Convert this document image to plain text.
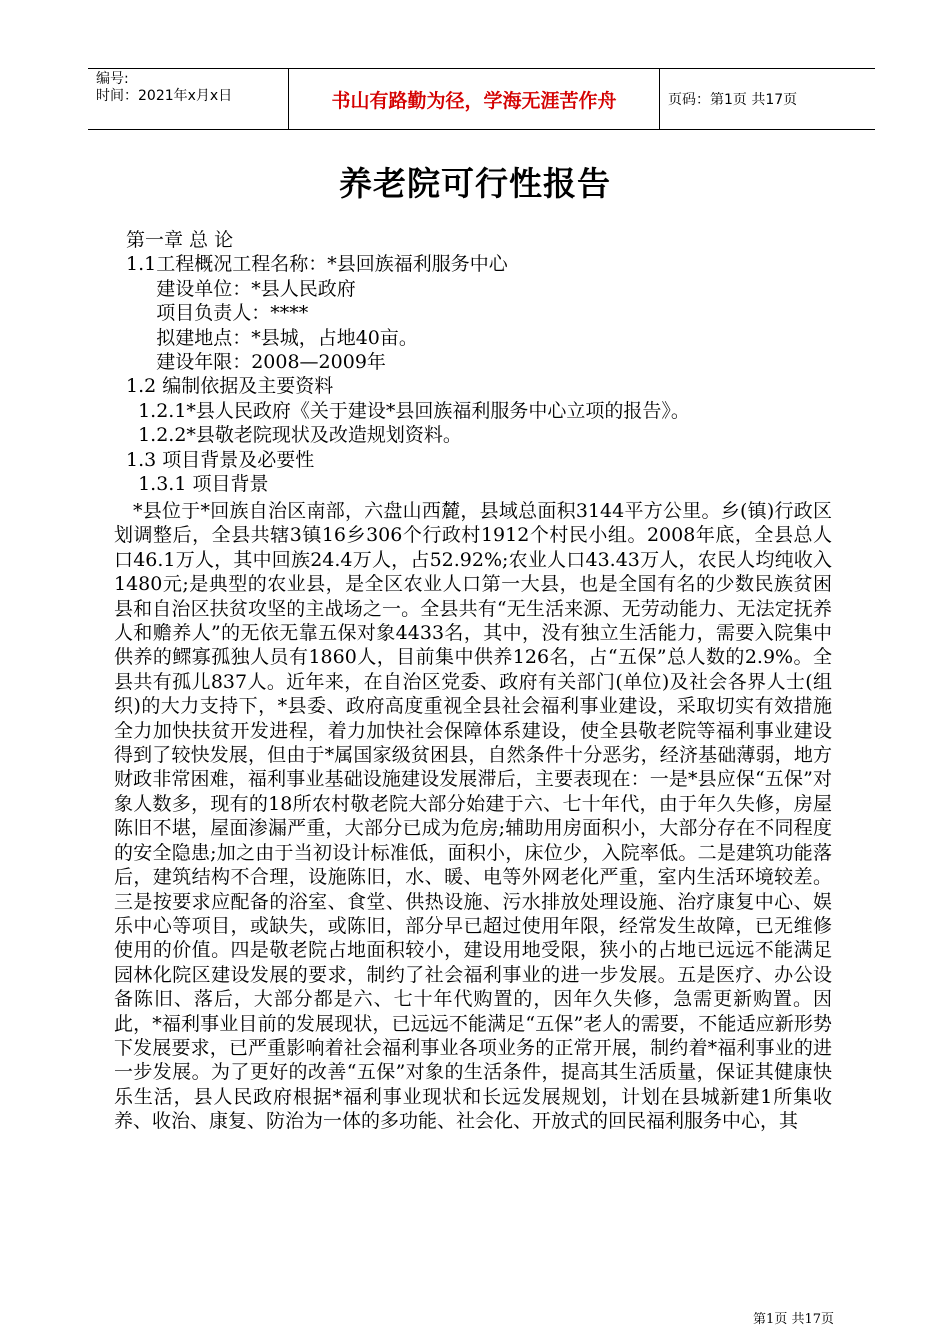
编号:
时间：2021年x月x日	书山有路勤为径，学海无涯苦作舟	页码：第1页 共17页
养老院可行性报告
第一章 总 论
1.1工程概况工程名称：*县回族福利服务中心
建设单位：*县人民政府
项目负责人：****
拟建地点：*县城，占地40亩。
建设年限：2008—2009年
1.2 编制依据及主要资料
1.2.1*县人民政府《关于建设*县回族福利服务中心立项的报告》。
1.2.2*县敬老院现状及改造规划资料。
1.3 项目背景及必要性
1.3.1 项目背景
*县位于*回族自治区南部，六盘山西麓，县域总面积3144平方公里。乡(镇)行政区划调整后，全县共辖3镇16乡306个行政村1912个村民小组。2008年底，全县总人口46.1万人，其中回族24.4万人，占52.92%;农业人口43.43万人，农民人均纯收入1480元;是典型的农业县，是全区农业人口第一大县，也是全国有名的少数民族贫困县和自治区扶贫攻坚的主战场之一。全县共有“无生活来源、无劳动能力、无法定抚养人和赡养人”的无依无靠五保对象4433名，其中，没有独立生活能力，需要入院集中供养的鳏寡孤独人员有1860人，目前集中供养126名，占“五保”总人数的2.9%。全县共有孤儿837人。近年来，在自治区党委、政府有关部门(单位)及社会各界人士(组织)的大力支持下，*县委、政府高度重视全县社会福利事业建设，采取切实有效措施全力加快扶贫开发进程，着力加快社会保障体系建设，使全县敬老院等福利事业建设得到了较快发展，但由于*属国家级贫困县，自然条件十分恶劣，经济基础薄弱，地方财政非常困难，福利事业基础设施建设发展滞后，主要表现在：一是*县应保“五保”对象人数多，现有的18所农村敬老院大部分始建于六、七十年代，由于年久失修，房屋陈旧不堪，屋面渗漏严重，大部分已成为危房;辅助用房面积小，大部分存在不同程度的安全隐患;加之由于当初设计标准低，面积小，床位少，入院率低。二是建筑功能落后，建筑结构不合理，设施陈旧，水、暖、电等外网老化严重，室内生活环境较差。三是按要求应配备的浴室、食堂、供热设施、污水排放处理设施、治疗康复中心、娱乐中心等项目，或缺失，或陈旧，部分早已超过使用年限，经常发生故障，已无维修使用的价值。四是敬老院占地面积较小，建设用地受限，狭小的占地已远远不能满足园林化院区建设发展的要求，制约了社会福利事业的进一步发展。五是医疗、办公设备陈旧、落后，大部分都是六、七十年代购置的，因年久失修，急需更新购置。因此，*福利事业目前的发展现状，已远远不能满足“五保”老人的需要，不能适应新形势下发展要求，已严重影响着社会福利事业各项业务的正常开展，制约着*福利事业的进一步发展。为了更好的改善“五保”对象的生活条件，提高其生活质量，保证其健康快乐生活，县人民政府根据*福利事业现状和长远发展规划，计划在县城新建1所集收养、收治、康复、防治为一体的多功能、社会化、开放式的回民福利服务中心，其
第1页 共17页
